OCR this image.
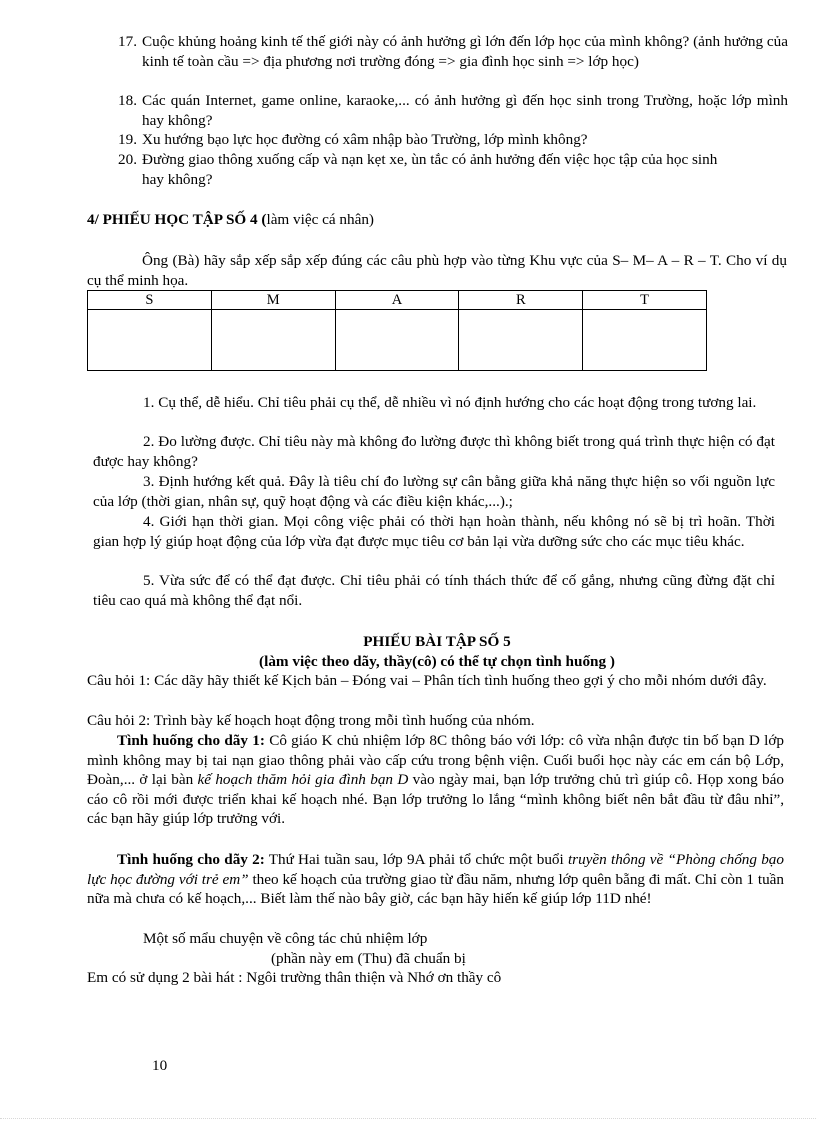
17. Cuộc khủng hoảng kinh tế thế giới này có ảnh hưởng gì lớn đến lớp học của mình không? (ảnh hưởng của kinh tế toàn cầu => địa phương nơi trường đóng => gia đình học sinh => lớp học)
18. Các quán Internet, game online, karaoke,... có ảnh hưởng gì đến học sinh trong Trường, hoặc lớp mình hay không?
19. Xu hướng bạo lực học đường có xâm nhập bào Trường, lớp mình không?
20. Đường giao thông xuống cấp và nạn kẹt xe, ùn tắc có ảnh hưởng đến việc học tập của học sinh hay không?
4/ PHIẾU HỌC TẬP SỐ 4 (làm việc cá nhân)
Ông (Bà) hãy sắp xếp sắp xếp đúng các câu phù hợp vào từng Khu vực của S– M– A – R – T. Cho ví dụ cụ thể minh họa.
S	M	A	R	T

1. Cụ thể, dễ hiểu. Chỉ tiêu phải cụ thể, dễ nhiều vì nó định hướng cho các hoạt động trong tương lai.
2. Đo lường được. Chỉ tiêu này mà không đo lường được thì không biết trong quá trình thực hiện có đạt được hay không?
3. Định hướng kết quả. Đây là tiêu chí đo lường sự cân bằng giữa khả năng thực hiện so vối nguồn lực của lớp (thời gian, nhân sự, quỹ hoạt động và các điều kiện khác,...).;
4. Giới hạn thời gian. Mọi công việc phải có thời hạn hoàn thành, nếu không nó sẽ bị trì hoãn. Thời gian hợp lý giúp hoạt động của lớp vừa đạt được mục tiêu cơ bản lại vừa dưỡng sức cho các mục tiêu khác.
5. Vừa sức để có thể đạt được. Chỉ tiêu phải có tính thách thức để cố gắng, nhưng cũng đừng đặt chỉ tiêu cao quá mà không thể đạt nổi.
PHIẾU BÀI TẬP SỐ 5
(làm việc theo dãy, thầy(cô) có thể tự chọn tình huống )
Câu hỏi 1: Các dãy hãy thiết kế Kịch bản – Đóng vai – Phân tích tình huống theo gợi ý cho mỗi nhóm dưới đây.
Câu hỏi 2: Trình bày kế hoạch hoạt động trong mỗi tình huống của nhóm.
Tình huống cho dãy 1: Cô giáo K chủ nhiệm lớp 8C thông báo với lớp: cô vừa nhận được tin bố bạn D lớp mình không may bị tai nạn giao thông phải vào cấp cứu trong bệnh viện. Cuối buổi học này các em cán bộ Lớp, Đoàn,... ở lại bàn kế hoạch thăm hỏi gia đình bạn D vào ngày mai, bạn lớp trưởng chủ trì giúp cô. Họp xong báo cáo cô rồi mới được triển khai kế hoạch nhé. Bạn lớp trưởng lo lắng “mình không biết nên bắt đầu từ đâu nhỉ”, các bạn hãy giúp lớp trưởng với.
Tình huống cho dãy 2: Thứ Hai tuần sau, lớp 9A phải tổ chức một buổi truyền thông về “Phòng chống bạo lực học đường với trẻ em” theo kế hoạch của trường giao từ đầu năm, nhưng lớp quên bẵng đi mất. Chỉ còn 1 tuần nữa mà chưa có kế hoạch,... Biết làm thế nào bây giờ, các bạn hãy hiến kế giúp lớp 11D nhé!
Một số mẩu chuyện về công tác chủ nhiệm lớp
(phần này em (Thu) đã chuẩn bị
Em có sử dụng 2 bài hát : Ngôi trường thân thiện và Nhớ ơn thầy cô
10
